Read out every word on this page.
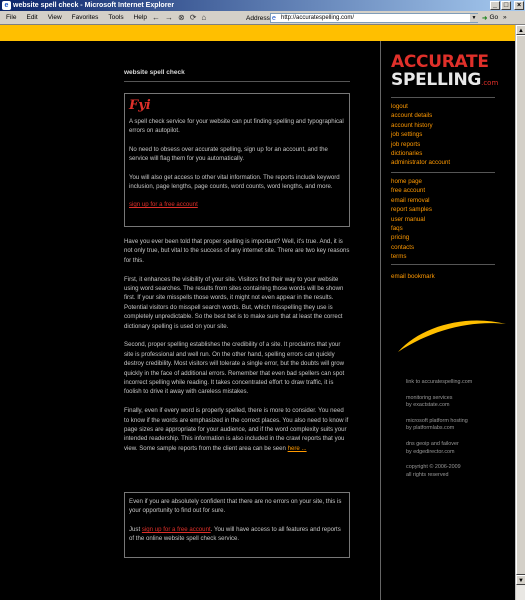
e website spell check - Microsoft Internet Explorer	_ □	×
File Edit View Favorites Tools Help ← → ⊗ ⟳ ⌂	Address e http://accuratespelling.com/	▼ ➜ Go »
website spell check
Fyi

A spell check service for your website can put finding spelling and typographical errors on autopilot.

No need to obsess over accurate spelling, sign up for an account, and the service will flag them for you automatically.

You will also get access to other vital information. The reports include keyword inclusion, page lengths, page counts, word counts, word lengths, and more.

sign up for a free account

Have you ever been told that proper spelling is important? Well, it's true. And, it is not only true, but vital to the success of any internet site. There are two key reasons for this.

First, it enhances the visibility of your site. Visitors find their way to your website using word searches. The results from sites containing those words will be shown first. If your site misspells those words, it might not even appear in the results. Potential visitors do misspell search words. But, which misspelling they use is completely unpredictable. So the best bet is to make sure that at least the correct dictionary spelling is used on your site.

Second, proper spelling establishes the credibility of a site. It proclaims that your site is professional and well run. On the other hand, spelling errors can quickly destroy credibility. Most visitors will tolerate a single error, but the doubts will grow quickly in the face of additional errors. Remember that even bad spellers can spot incorrect spelling while reading. It takes concentrated effort to draw traffic, it is foolish to drive it away with careless mistakes.

Finally, even if every word is properly spelled, there is more to consider. You need to know if the words are emphasized in the correct places. You also need to know if page sizes are appropriate for your audience, and if the word complexity suits your intended readership. This information is also included in the crawl reports that you view. Some sample reports from the client area can be seen here ...

Even if you are absolutely confident that there are no errors on your site, this is your opportunity to find out for sure.

Just sign up for a free account. You will have access to all features and reports of the online website spell check service.

ACCURATE
SPELLING.com
logout
account details
account history
job settings
job reports
dictionaries
administrator account
home page
free account
email removal
report samples
user manual
faqs
pricing
contacts
terms
email bookmark
link to accuratespelling.com
monitoring services
by exactstate.com
microsoft platform hosting
by platformlabs.com
dns geoip and failover
by edgedirector.com
copyright © 2006-2009
all rights reserved
▲
▼
